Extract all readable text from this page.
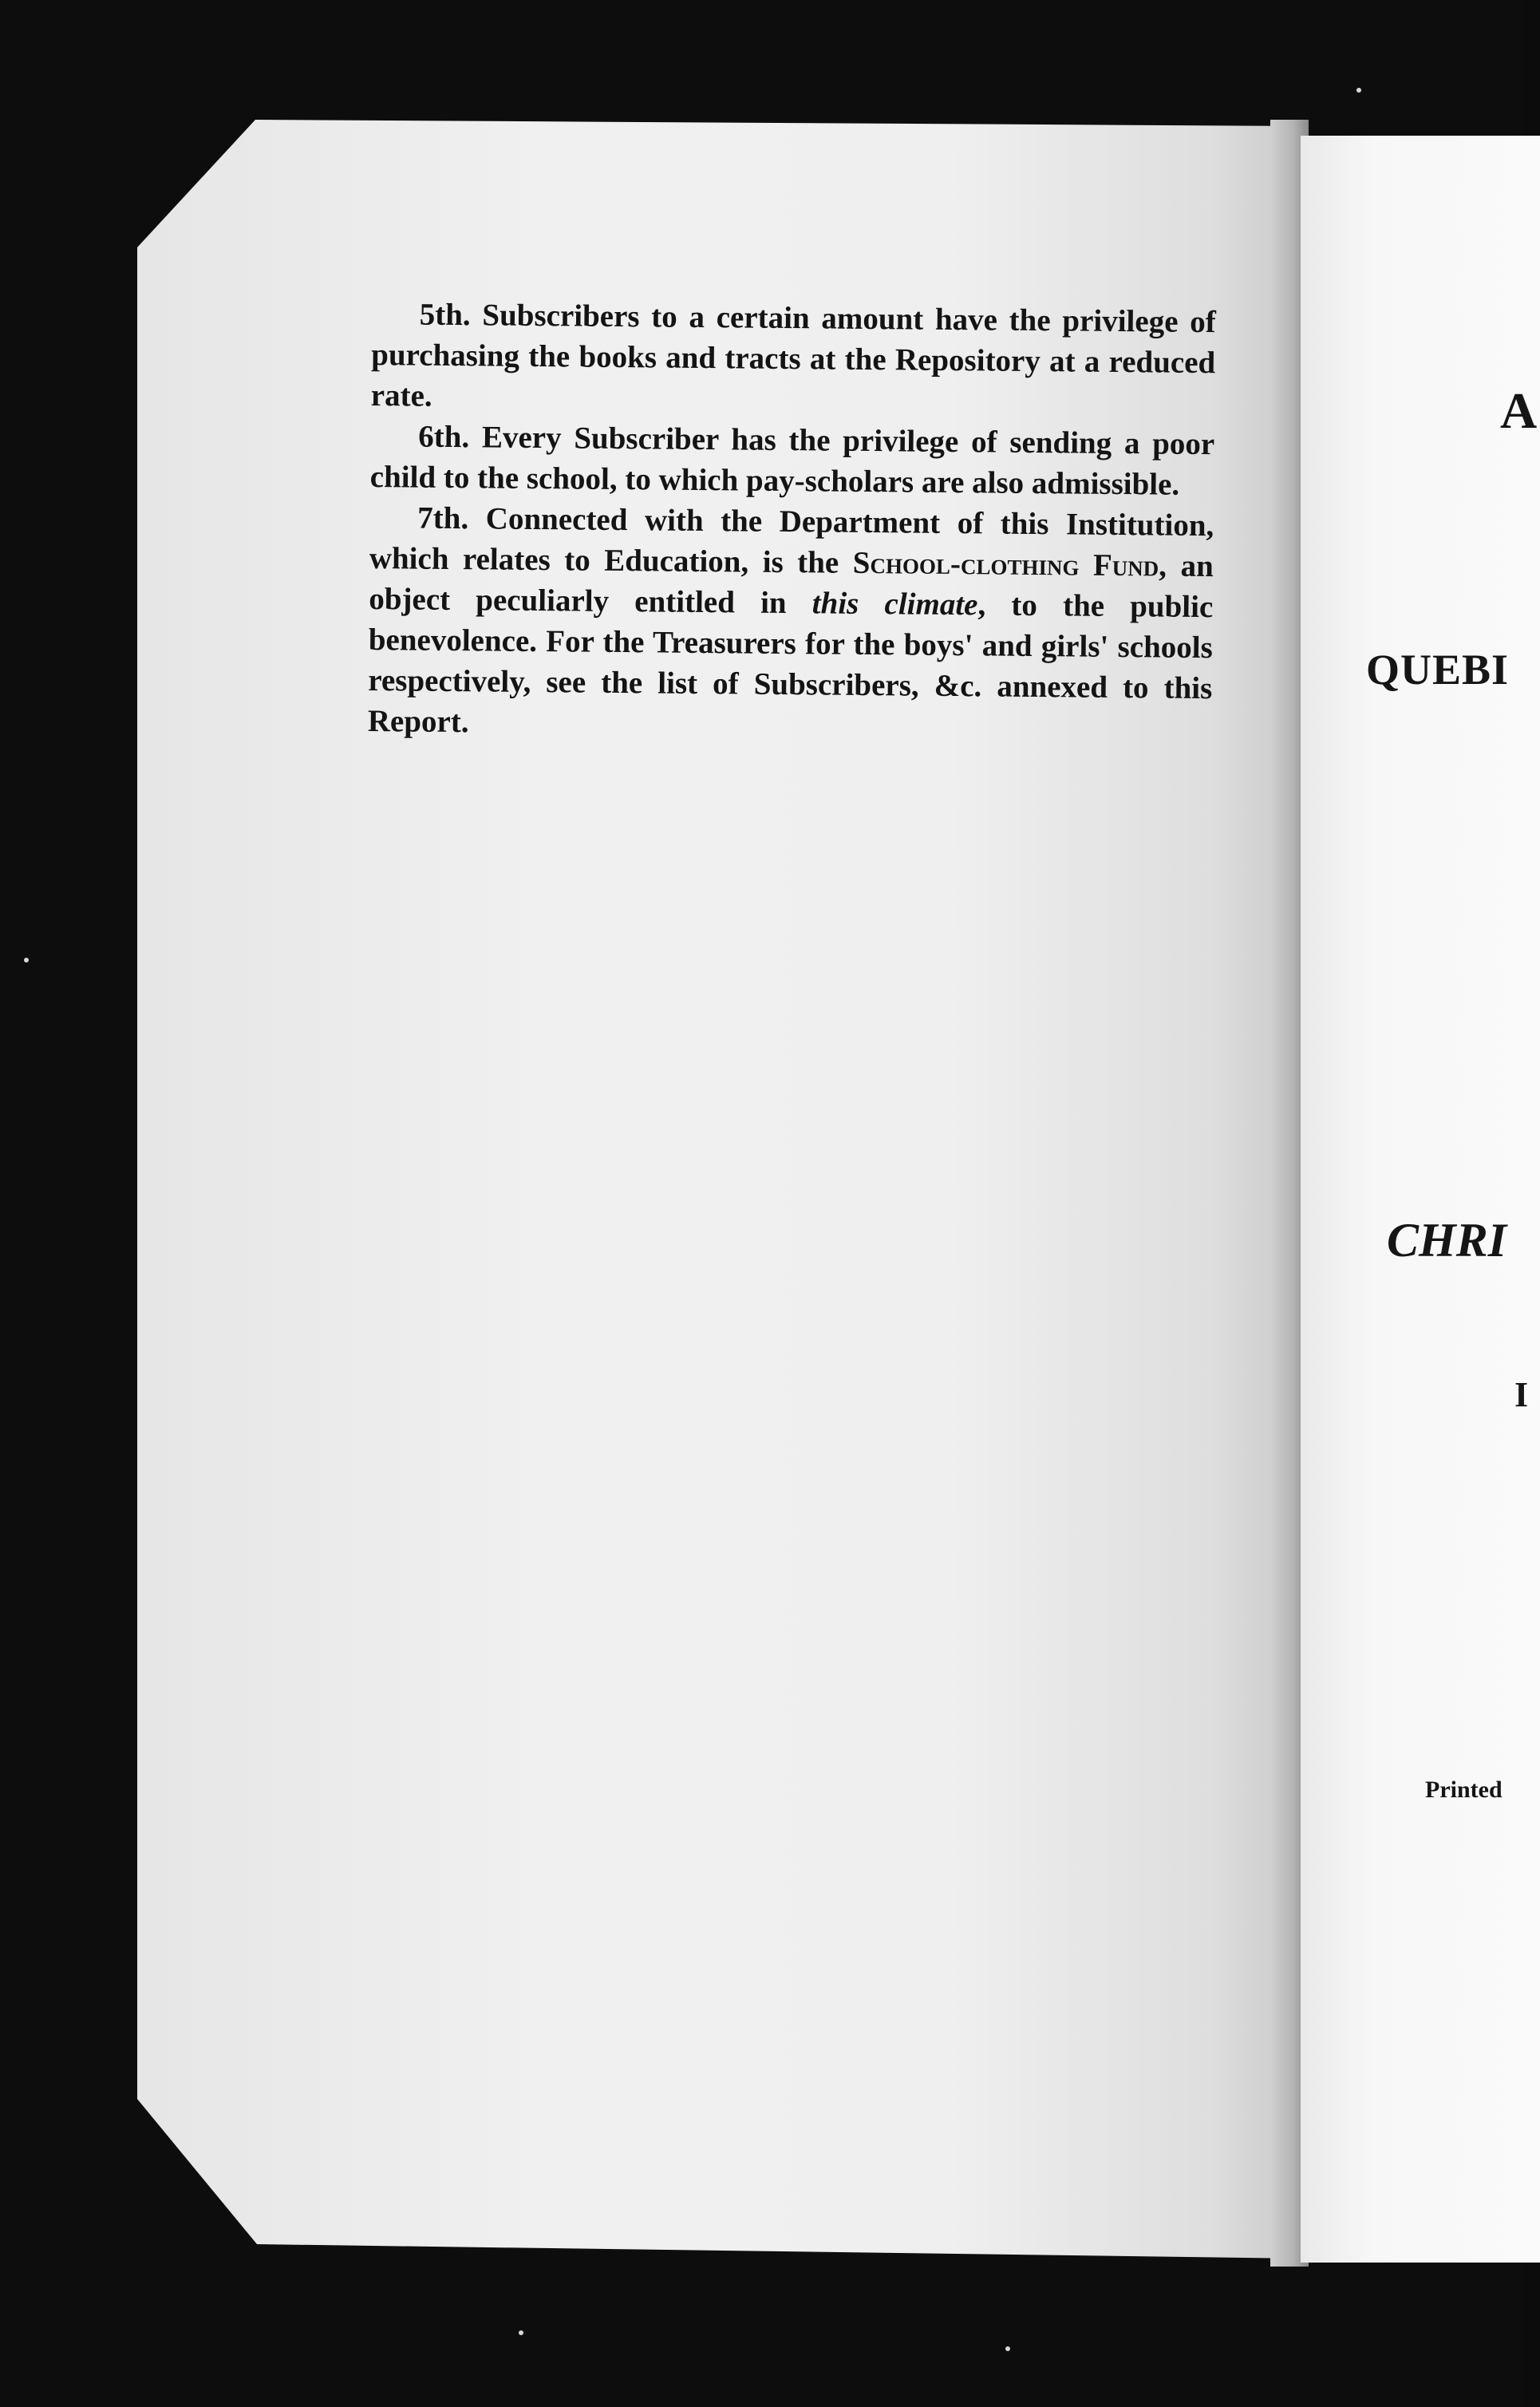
5th. Subscribers to a certain amount have the privilege of purchasing the books and tracts at the Repository at a reduced rate.

6th. Every Subscriber has the privilege of sending a poor child to the school, to which pay-scholars are also admissible.

7th. Connected with the Department of this Institution, which relates to Education, is the School-clothing Fund, an object peculiarly entitled in this climate, to the public benevolence. For the Treasurers for the boys' and girls' schools respectively, see the list of Subscribers, &c. annexed to this Report.

A
QUEBI
CHRI
I
Printed
